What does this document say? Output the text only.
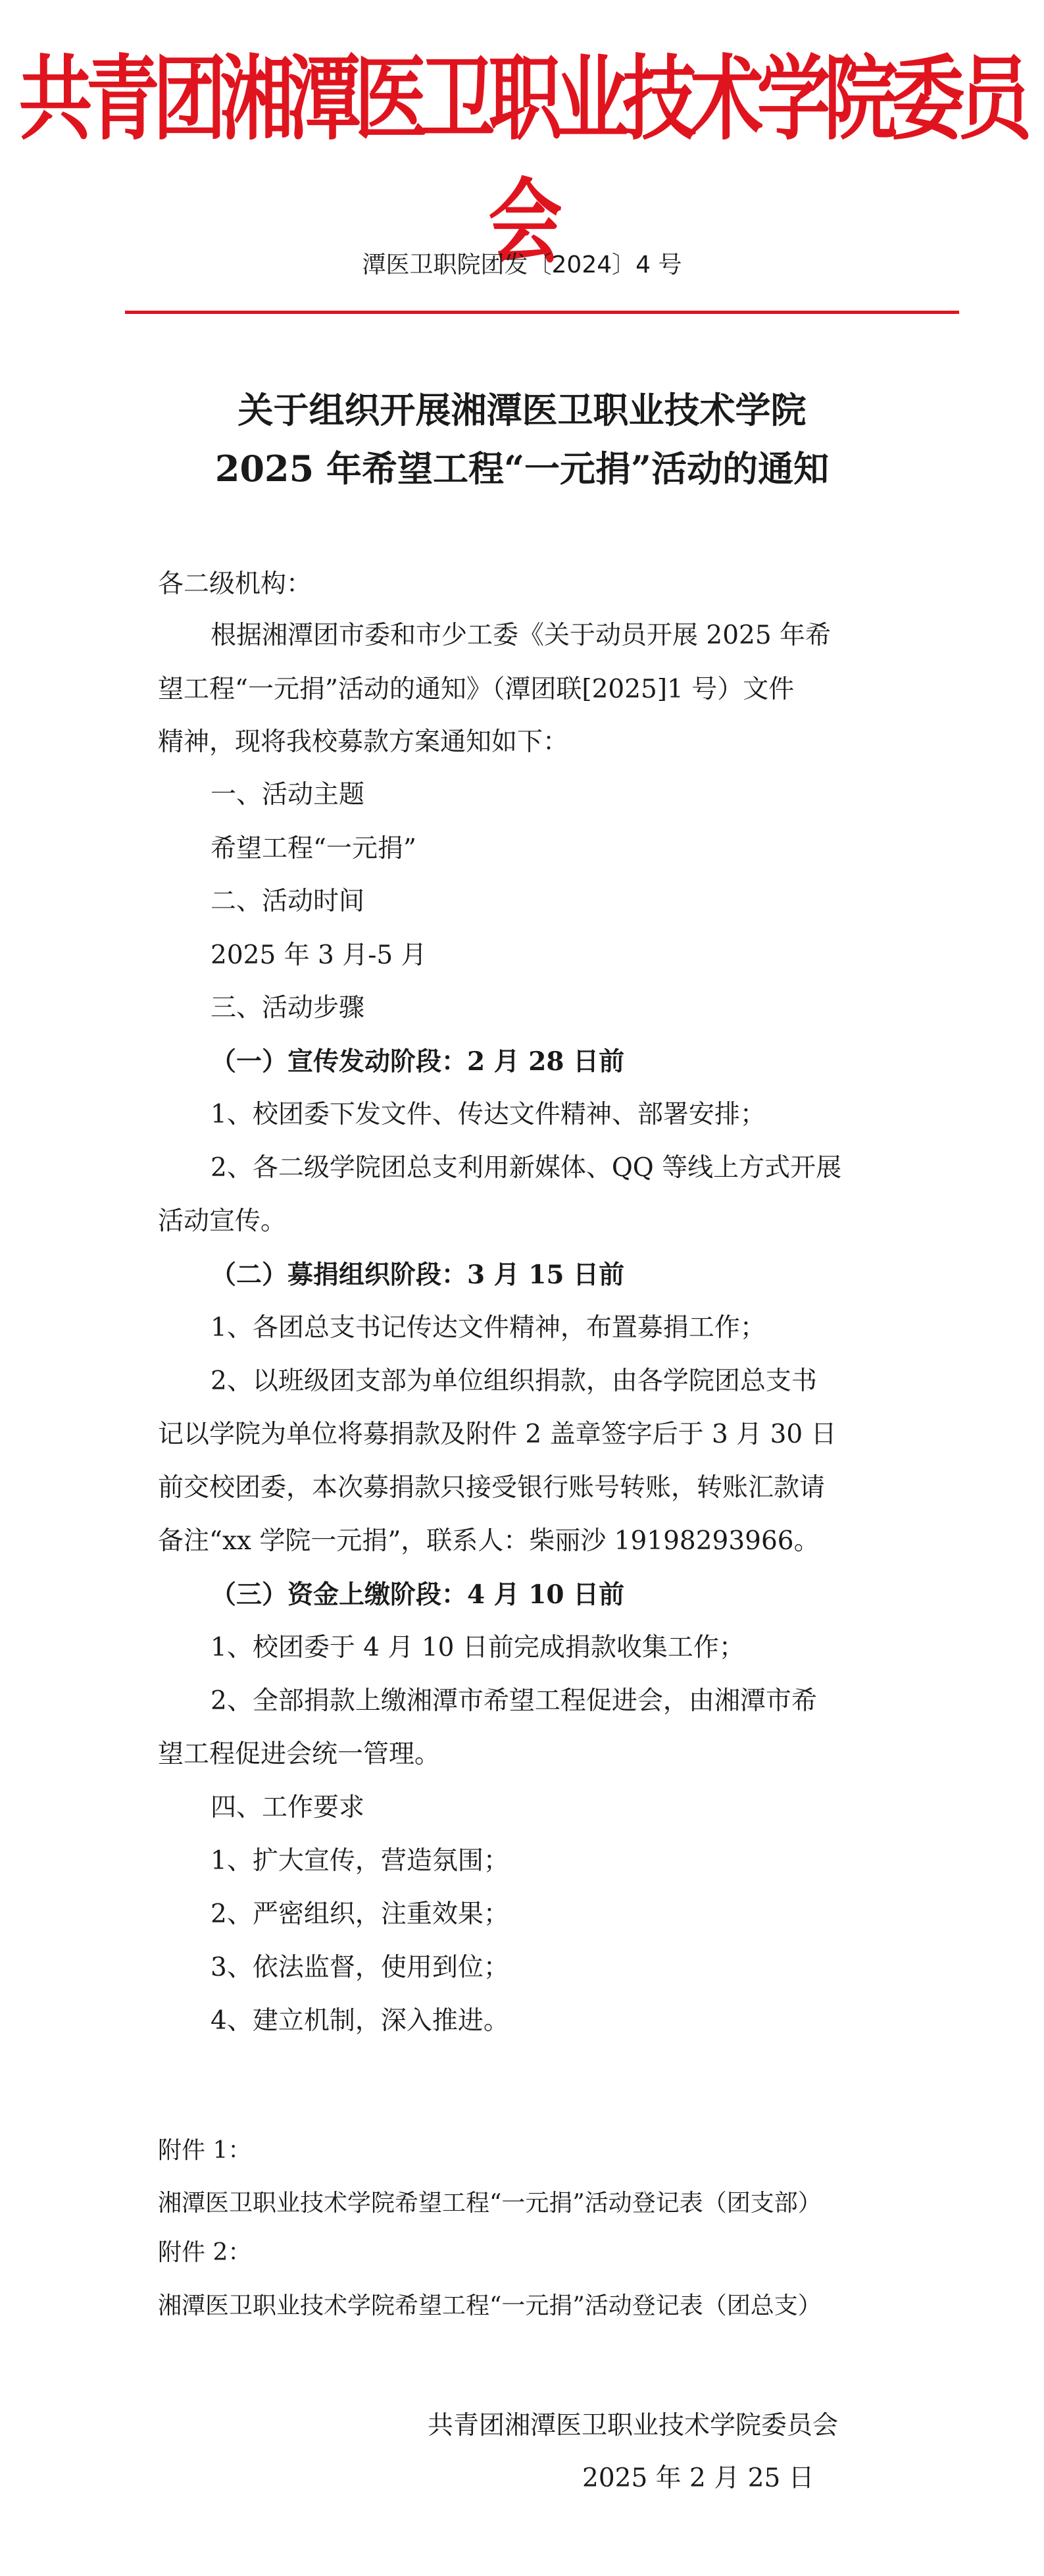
共青团湘潭医卫职业技术学院委员会
潭医卫职院团发〔2024〕4 号
关于组织开展湘潭医卫职业技术学院
2025 年希望工程“一元捐”活动的通知
各二级机构：
根据湘潭团市委和市少工委《关于动员开展 2025 年希
望工程“一元捐”活动的通知》（潭团联[2025]1 号）文件
精神，现将我校募款方案通知如下：
一、活动主题
希望工程“一元捐”
二、活动时间
2025 年 3 月-5 月
三、活动步骤
（一）宣传发动阶段：2 月 28 日前
1、校团委下发文件、传达文件精神、部署安排；
2、各二级学院团总支利用新媒体、QQ 等线上方式开展
活动宣传。
（二）募捐组织阶段：3 月 15 日前
1、各团总支书记传达文件精神，布置募捐工作；
2、以班级团支部为单位组织捐款，由各学院团总支书
记以学院为单位将募捐款及附件 2 盖章签字后于 3 月 30 日
前交校团委，本次募捐款只接受银行账号转账，转账汇款请
备注“xx 学院一元捐”，联系人：柴丽沙 19198293966。
（三）资金上缴阶段：4 月 10 日前
1、校团委于 4 月 10 日前完成捐款收集工作；
2、全部捐款上缴湘潭市希望工程促进会，由湘潭市希
望工程促进会统一管理。
四、工作要求
1、扩大宣传，营造氛围；
2、严密组织，注重效果；
3、依法监督，使用到位；
4、建立机制，深入推进。
附件 1：
湘潭医卫职业技术学院希望工程“一元捐”活动登记表（团支部）
附件 2：
湘潭医卫职业技术学院希望工程“一元捐”活动登记表（团总支）
共青团湘潭医卫职业技术学院委员会
2025 年 2 月 25 日
